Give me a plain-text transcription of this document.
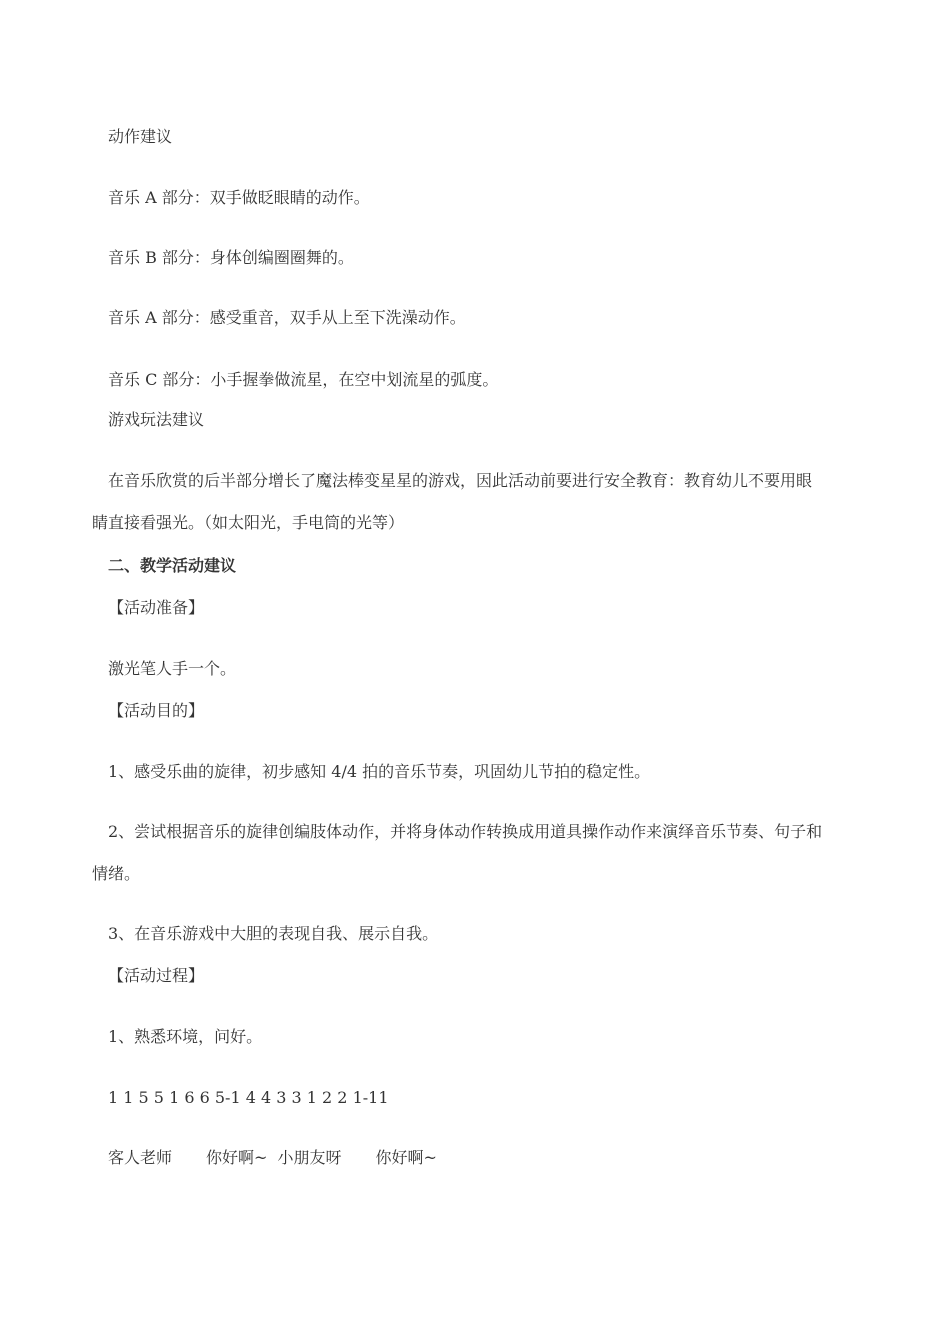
动作建议
音乐 A 部分：双手做眨眼睛的动作。
音乐 B 部分：身体创编圈圈舞的。
音乐 A 部分：感受重音，双手从上至下洗澡动作。
音乐 C 部分：小手握拳做流星，在空中划流星的弧度。
游戏玩法建议
在音乐欣赏的后半部分增长了魔法棒变星星的游戏，因此活动前要进行安全教育：教育幼儿不要用眼
睛直接看强光。（如太阳光，手电筒的光等）
二、教学活动建议
【活动准备】
激光笔人手一个。
【活动目的】
1、感受乐曲的旋律，初步感知 4/4 拍的音乐节奏，巩固幼儿节拍的稳定性。
2、尝试根据音乐的旋律创编肢体动作，并将身体动作转换成用道具操作动作来演绎音乐节奏、句子和
情绪。
3、在音乐游戏中大胆的表现自我、展示自我。
【活动过程】
1、熟悉环境，问好。
1 1 5 5 1 6 6 5-1 4 4 3 3 1 2 2 1-11
客人老师 你好啊~ 小朋友呀 你好啊~
